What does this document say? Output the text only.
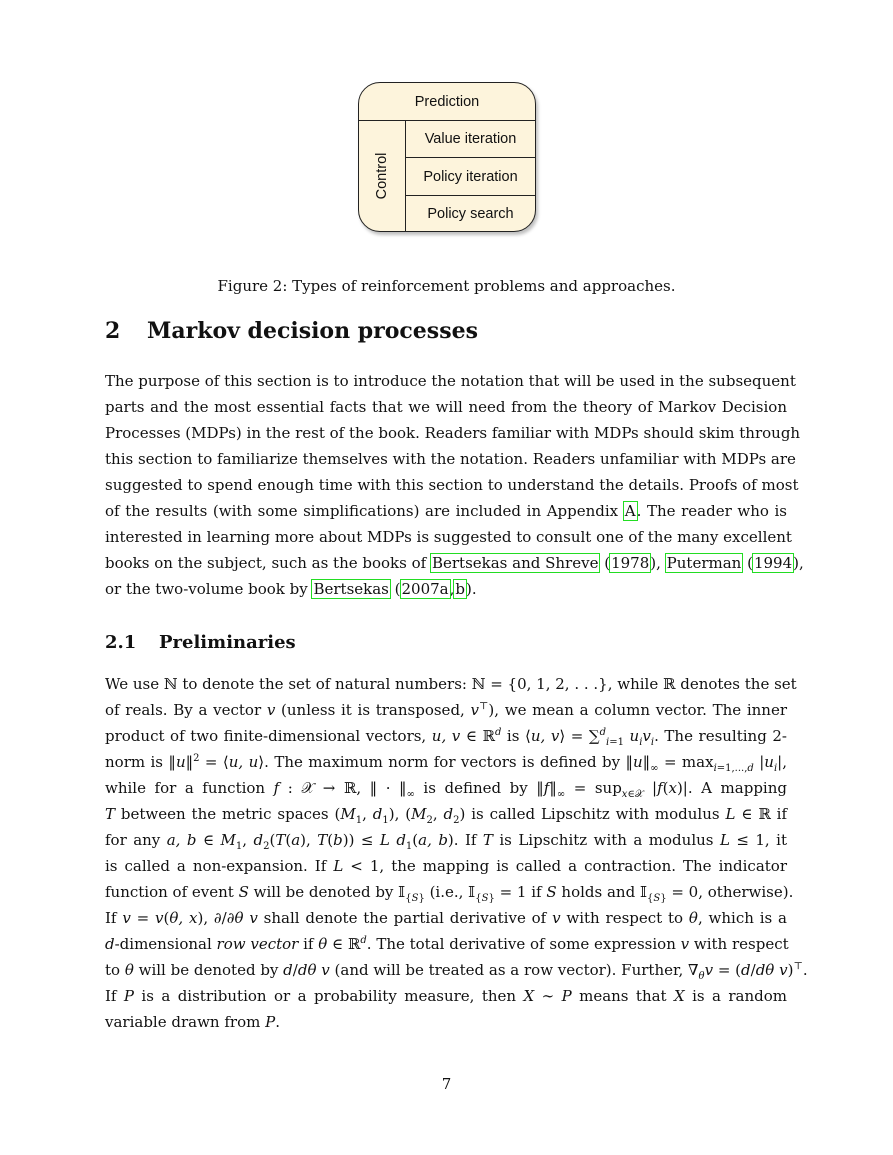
Prediction
Control
Value iteration
Policy iteration
Policy search
Figure 2: Types of reinforcement problems and approaches.
2 Markov decision processes
The purpose of this section is to introduce the notation that will be used in the subsequent
parts and the most essential facts that we will need from the theory of Markov Decision
Processes (MDPs) in the rest of the book. Readers familiar with MDPs should skim through
this section to familiarize themselves with the notation. Readers unfamiliar with MDPs are
suggested to spend enough time with this section to understand the details. Proofs of most
of the results (with some simplifications) are included in Appendix A. The reader who is
interested in learning more about MDPs is suggested to consult one of the many excellent
books on the subject, such as the books of Bertsekas and Shreve (1978), Puterman (1994),
or the two-volume book by Bertsekas (2007a,b).
2.1 Preliminaries
We use ℕ to denote the set of natural numbers: ℕ = {0, 1, 2, . . .}, while ℝ denotes the set
of reals. By a vector v (unless it is transposed, v⊤), we mean a column vector. The inner
product of two finite-dimensional vectors, u, v ∈ ℝ$^d$ is ⟨u, v⟩ = ∑$^d_{i=1}$ $u_iv_i$. The resulting 2-
norm is ‖u‖$^2$ = ⟨u, u⟩. The maximum norm for vectors is defined by $‖u‖_\infty = \max_{i=1,...,d} |u_i|$,
while for a function f : 𝒳 → ℝ, ‖ · $‖_\infty$ is defined by $‖f‖_\infty = sup_{x\in 𝒳}$ |f(x)|. A mapping
T between the metric spaces ($M_1$, $d_1$), ($M_2$, $d_2$) is called Lipschitz with modulus L ∈ ℝ if
for any a, b ∈ $M_1$, $d_2(T(a)$, T(b)) ≤ L $d_1(a$, b). If T is Lipschitz with a modulus L ≤ 1, it
is called a non-expansion. If L < 1, the mapping is called a contraction. The indicator
function of event S will be denoted by 𝕀$_{\{S\}}$ (i.e., 𝕀$_{\{S\}}$ = 1 if S holds and 𝕀$_{\{S\}}$ = 0, otherwise).
If v = v(θ, x), ∂/∂θ v shall denote the partial derivative of v with respect to θ, which is a
d-dimensional row vector if θ ∈ ℝ$^d$. The total derivative of some expression v with respect
to θ will be denoted by d/dθ v (and will be treated as a row vector). Further, $\nabla_\theta v = (d/d\theta$ v)⊤.
If P is a distribution or a probability measure, then X ∼ P means that X is a random
variable drawn from P.
7
